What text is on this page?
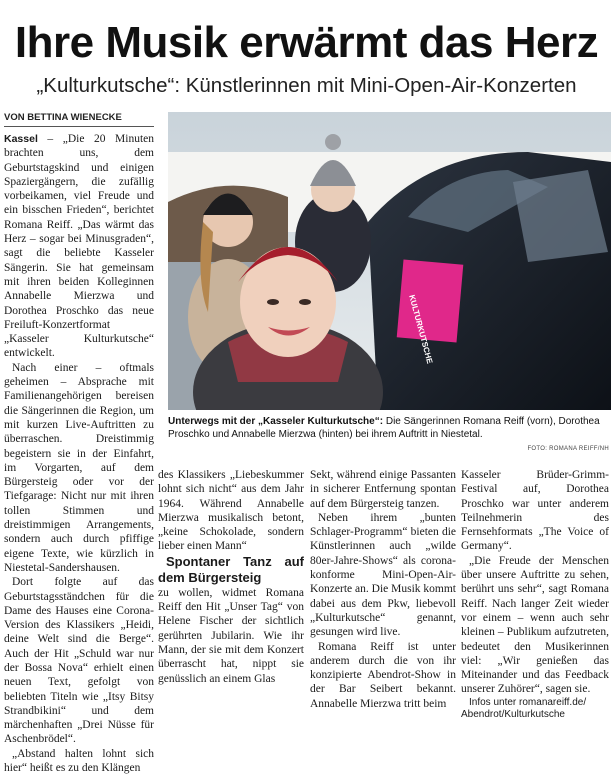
Ihre Musik erwärmt das Herz
„Kulturkutsche“: Künstlerinnen mit Mini-Open-Air-Konzerten
VON BETTINA WIENECKE

Kassel – „Die 20 Minuten brachten uns, dem Geburtstagskind und einigen Spaziergängern, die zufällig vorbeikamen, viel Freude und ein bisschen Frieden“, berichtet Romana Reiff. „Das wärmt das Herz – sogar bei Minusgraden“, sagt die beliebte Kasseler Sängerin. Sie hat gemeinsam mit ihren beiden Kolleginnen Annabelle Mierzwa und Dorothea Proschko das neue Freiluft-Konzertformat „Kasseler Kulturkutsche“ entwickelt.

Nach einer – oftmals geheimen – Absprache mit Familienangehörigen bereisen die Sängerinnen die Region, um mit kurzen Live-Auftritten zu überraschen. Dreistimmig begeistern sie in der Einfahrt, im Vorgarten, auf dem Bürgersteig oder vor der Tiefgarage: Nicht nur mit ihren tollen Stimmen und dreistimmigen Arrangements, sondern auch durch pfiffige eigene Texte, wie kürzlich in Niestetal-Sandershausen.

Dort folgte auf das Geburtstagsständchen für die Dame des Hauses eine Corona-Version des Klassikers „Heidi, deine Welt sind die Berge“. Auch der Hit „Schuld war nur der Bossa Nova“ erhielt einen neuen Text, gefolgt von beliebten Titeln wie „Itsy Bitsy Strandbikini“ und dem märchenhaften „Drei Nüsse für Aschenbrödel“.

„Abstand halten lohnt sich hier“ heißt es zu den Klängen

KULTURKUTSCHE
Unterwegs mit der „Kasseler Kulturkutsche“: Die Sängerinnen Romana Reiff (vorn), Dorothea Proschko und Annabelle Mierzwa (hinten) bei ihrem Auftritt in Niestetal.
FOTO: ROMANA REIFF/NH

des Klassikers „Liebeskummer lohnt sich nicht“ aus dem Jahr 1964. Während Annabelle Mierzwa musikalisch betont, „keine Schokolade, sondern lieber einen Mann“

Spontaner Tanz auf dem Bürgersteig

zu wollen, widmet Romana Reiff den Hit „Unser Tag“ von Helene Fischer der sichtlich gerührten Jubilarin. Wie ihr Mann, der sie mit dem Konzert überrascht hat, nippt sie genüsslich an einem Glas

Sekt, während einige Passanten in sicherer Entfernung spontan auf dem Bürgersteig tanzen.

Neben ihrem „bunten Schlager-Programm“ bieten die Künstlerinnen auch „wilde 80er-Jahre-Shows“ als corona-konforme Mini-Open-Air-Konzerte an. Die Musik kommt dabei aus dem Pkw, liebevoll „Kulturkutsche“ genannt, gesungen wird live.

Romana Reiff ist unter anderem durch die von ihr konzipierte Abendrot-Show in der Bar Seibert bekannt. Annabelle Mierzwa tritt beim

Kasseler Brüder-Grimm-Festival auf, Dorothea Proschko war unter anderem Teilnehmerin des Fernsehformats „The Voice of Germany“.

„Die Freude der Menschen über unsere Auftritte zu sehen, berührt uns sehr“, sagt Romana Reiff. Nach langer Zeit wieder vor einem – wenn auch sehr kleinen – Publikum aufzutreten, bedeutet den Musikerinnen viel: „Wir genießen das Miteinander und das Feedback unserer Zuhörer“, sagen sie.

Infos unter romanareiff.de/ Abendrot/Kulturkutsche
